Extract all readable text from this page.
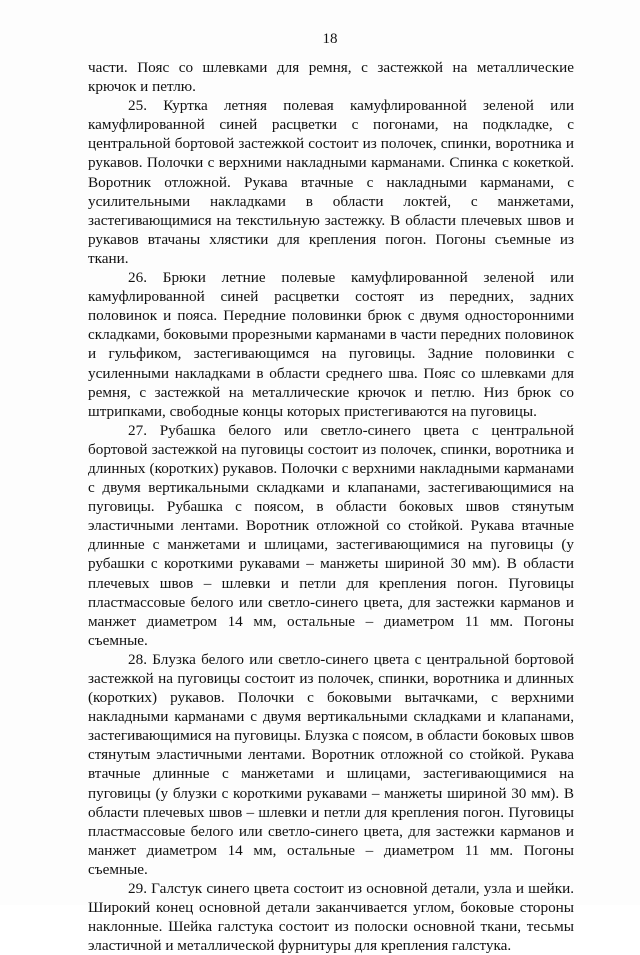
18

части. Пояс со шлевками для ремня, с застежкой на металлические крючок и петлю.

25. Куртка летняя полевая камуфлированной зеленой или камуфлированной синей расцветки с погонами, на подкладке, с центральной бортовой застежкой состоит из полочек, спинки, воротника и рукавов. Полочки с верхними накладными карманами. Спинка с кокеткой. Воротник отложной. Рукава втачные с накладными карманами, с усилительными накладками в области локтей, с манжетами, застегивающимися на текстильную застежку. В области плечевых швов и рукавов втачаны хлястики для крепления погон. Погоны съемные из ткани.

26. Брюки летние полевые камуфлированной зеленой или камуфлированной синей расцветки состоят из передних, задних половинок и пояса. Передние половинки брюк с двумя односторонними складками, боковыми прорезными карманами в части передних половинок и гульфиком, застегивающимся на пуговицы. Задние половинки с усиленными накладками в области среднего шва. Пояс со шлевками для ремня, с застежкой на металлические крючок и петлю. Низ брюк со штрипками, свободные концы которых пристегиваются на пуговицы.

27. Рубашка белого или светло-синего цвета с центральной бортовой застежкой на пуговицы состоит из полочек, спинки, воротника и длинных (коротких) рукавов. Полочки с верхними накладными карманами с двумя вертикальными складками и клапанами, застегивающимися на пуговицы. Рубашка с поясом, в области боковых швов стянутым эластичными лентами. Воротник отложной со стойкой. Рукава втачные длинные с манжетами и шлицами, застегивающимися на пуговицы (у рубашки с короткими рукавами – манжеты шириной 30 мм). В области плечевых швов – шлевки и петли для крепления погон. Пуговицы пластмассовые белого или светло-синего цвета, для застежки карманов и манжет диаметром 14 мм, остальные – диаметром 11 мм. Погоны съемные.

28. Блузка белого или светло-синего цвета с центральной бортовой застежкой на пуговицы состоит из полочек, спинки, воротника и длинных (коротких) рукавов. Полочки с боковыми вытачками, с верхними накладными карманами с двумя вертикальными складками и клапанами, застегивающимися на пуговицы. Блузка с поясом, в области боковых швов стянутым эластичными лентами. Воротник отложной со стойкой. Рукава втачные длинные с манжетами и шлицами, застегивающимися на пуговицы (у блузки с короткими рукавами – манжеты шириной 30 мм). В области плечевых швов – шлевки и петли для крепления погон. Пуговицы пластмассовые белого или светло-синего цвета, для застежки карманов и манжет диаметром 14 мм, остальные – диаметром 11 мм. Погоны съемные.

29. Галстук синего цвета состоит из основной детали, узла и шейки. Широкий конец основной детали заканчивается углом, боковые стороны наклонные. Шейка галстука состоит из полоски основной ткани, тесьмы эластичной и металлической фурнитуры для крепления галстука.
